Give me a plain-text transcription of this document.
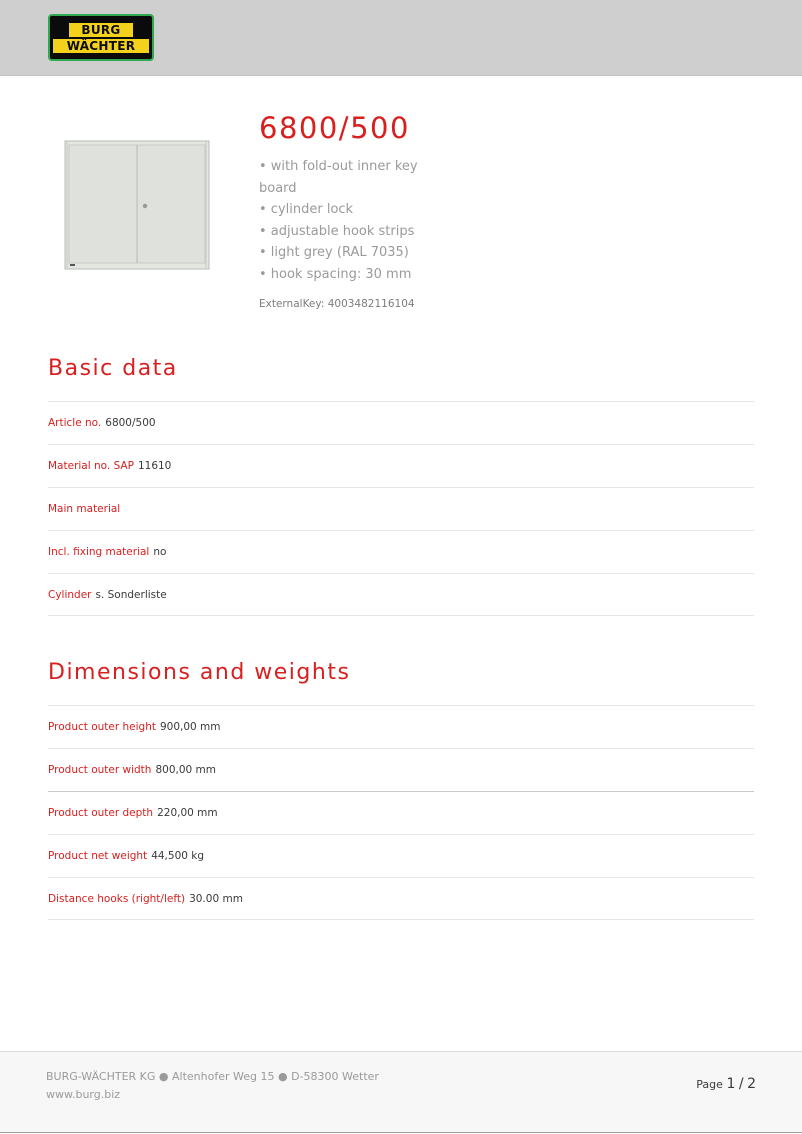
BURG
WÄCHTER
6800/500
• with fold-out inner key board
• cylinder lock
• adjustable hook strips
• light grey (RAL 7035)
• hook spacing: 30 mm
ExternalKey: 4003482116104
Basic data
Article no. 6800/500
Material no. SAP 11610
Main material
Incl. fixing material no
Cylinder s. Sonderliste
Dimensions and weights
Product outer height 900,00 mm
Product outer width 800,00 mm
Product outer depth 220,00 mm
Product net weight 44,500 kg
Distance hooks (right/left) 30.00 mm
BURG-WÄCHTER KG ● Altenhofer Weg 15 ● D-58300 Wetter
www.burg.biz
Page 1 / 2
